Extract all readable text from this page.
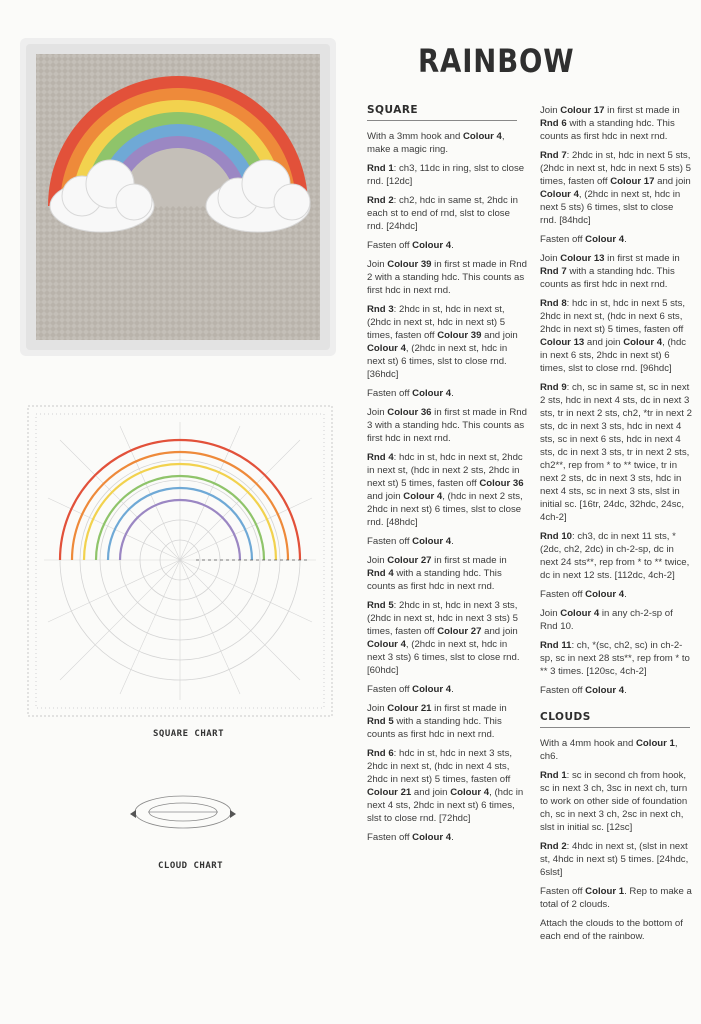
SQUARE CHART
CLOUD CHART
RAINBOW
SQUARE

With a 3mm hook and Colour 4, make a magic ring.

Rnd 1: ch3, 11dc in ring, slst to close rnd. [12dc]

Rnd 2: ch2, hdc in same st, 2hdc in each st to end of rnd, slst to close rnd. [24hdc]

Fasten off Colour 4.

Join Colour 39 in first st made in Rnd 2 with a standing hdc. This counts as first hdc in next rnd.

Rnd 3: 2hdc in st, hdc in next st, (2hdc in next st, hdc in next st) 5 times, fasten off Colour 39 and join Colour 4, (2hdc in next st, hdc in next st) 6 times, slst to close rnd. [36hdc]

Fasten off Colour 4.

Join Colour 36 in first st made in Rnd 3 with a standing hdc. This counts as first hdc in next rnd.

Rnd 4: hdc in st, hdc in next st, 2hdc in next st, (hdc in next 2 sts, 2hdc in next st) 5 times, fasten off Colour 36 and join Colour 4, (hdc in next 2 sts, 2hdc in next st) 6 times, slst to close rnd. [48hdc]

Fasten off Colour 4.

Join Colour 27 in first st made in Rnd 4 with a standing hdc. This counts as first hdc in next rnd.

Rnd 5: 2hdc in st, hdc in next 3 sts, (2hdc in next st, hdc in next 3 sts) 5 times, fasten off Colour 27 and join Colour 4, (2hdc in next st, hdc in next 3 sts) 6 times, slst to close rnd. [60hdc]

Fasten off Colour 4.

Join Colour 21 in first st made in Rnd 5 with a standing hdc. This counts as first hdc in next rnd.

Rnd 6: hdc in st, hdc in next 3 sts, 2hdc in next st, (hdc in next 4 sts, 2hdc in next st) 5 times, fasten off Colour 21 and join Colour 4, (hdc in next 4 sts, 2hdc in next st) 6 times, slst to close rnd. [72hdc]

Fasten off Colour 4.

Join Colour 17 in first st made in Rnd 6 with a standing hdc. This counts as first hdc in next rnd.

Rnd 7: 2hdc in st, hdc in next 5 sts, (2hdc in next st, hdc in next 5 sts) 5 times, fasten off Colour 17 and join Colour 4, (2hdc in next st, hdc in next 5 sts) 6 times, slst to close rnd. [84hdc]

Fasten off Colour 4.

Join Colour 13 in first st made in Rnd 7 with a standing hdc. This counts as first hdc in next rnd.

Rnd 8: hdc in st, hdc in next 5 sts, 2hdc in next st, (hdc in next 6 sts, 2hdc in next st) 5 times, fasten off Colour 13 and join Colour 4, (hdc in next 6 sts, 2hdc in next st) 6 times, slst to close rnd. [96hdc]

Rnd 9: ch, sc in same st, sc in next 2 sts, hdc in next 4 sts, dc in next 3 sts, tr in next 2 sts, ch2, *tr in next 2 sts, dc in next 3 sts, hdc in next 4 sts, sc in next 6 sts, hdc in next 4 sts, dc in next 3 sts, tr in next 2 sts, ch2**, rep from * to ** twice, tr in next 2 sts, dc in next 3 sts, hdc in next 4 sts, sc in next 3 sts, slst in initial sc. [16tr, 24dc, 32hdc, 24sc, 4ch-2]

Rnd 10: ch3, dc in next 11 sts, *(2dc, ch2, 2dc) in ch-2-sp, dc in next 24 sts**, rep from * to ** twice, dc in next 12 sts. [112dc, 4ch-2]

Fasten off Colour 4.

Join Colour 4 in any ch-2-sp of Rnd 10.

Rnd 11: ch, *(sc, ch2, sc) in ch-2-sp, sc in next 28 sts**, rep from * to ** 3 times. [120sc, 4ch-2]

Fasten off Colour 4.

CLOUDS

With a 4mm hook and Colour 1, ch6.

Rnd 1: sc in second ch from hook, sc in next 3 ch, 3sc in next ch, turn to work on other side of foundation ch, sc in next 3 ch, 2sc in next ch, slst in initial sc. [12sc]

Rnd 2: 4hdc in next st, (slst in next st, 4hdc in next st) 5 times. [24hdc, 6slst]

Fasten off Colour 1. Rep to make a total of 2 clouds.

Attach the clouds to the bottom of each end of the rainbow.
